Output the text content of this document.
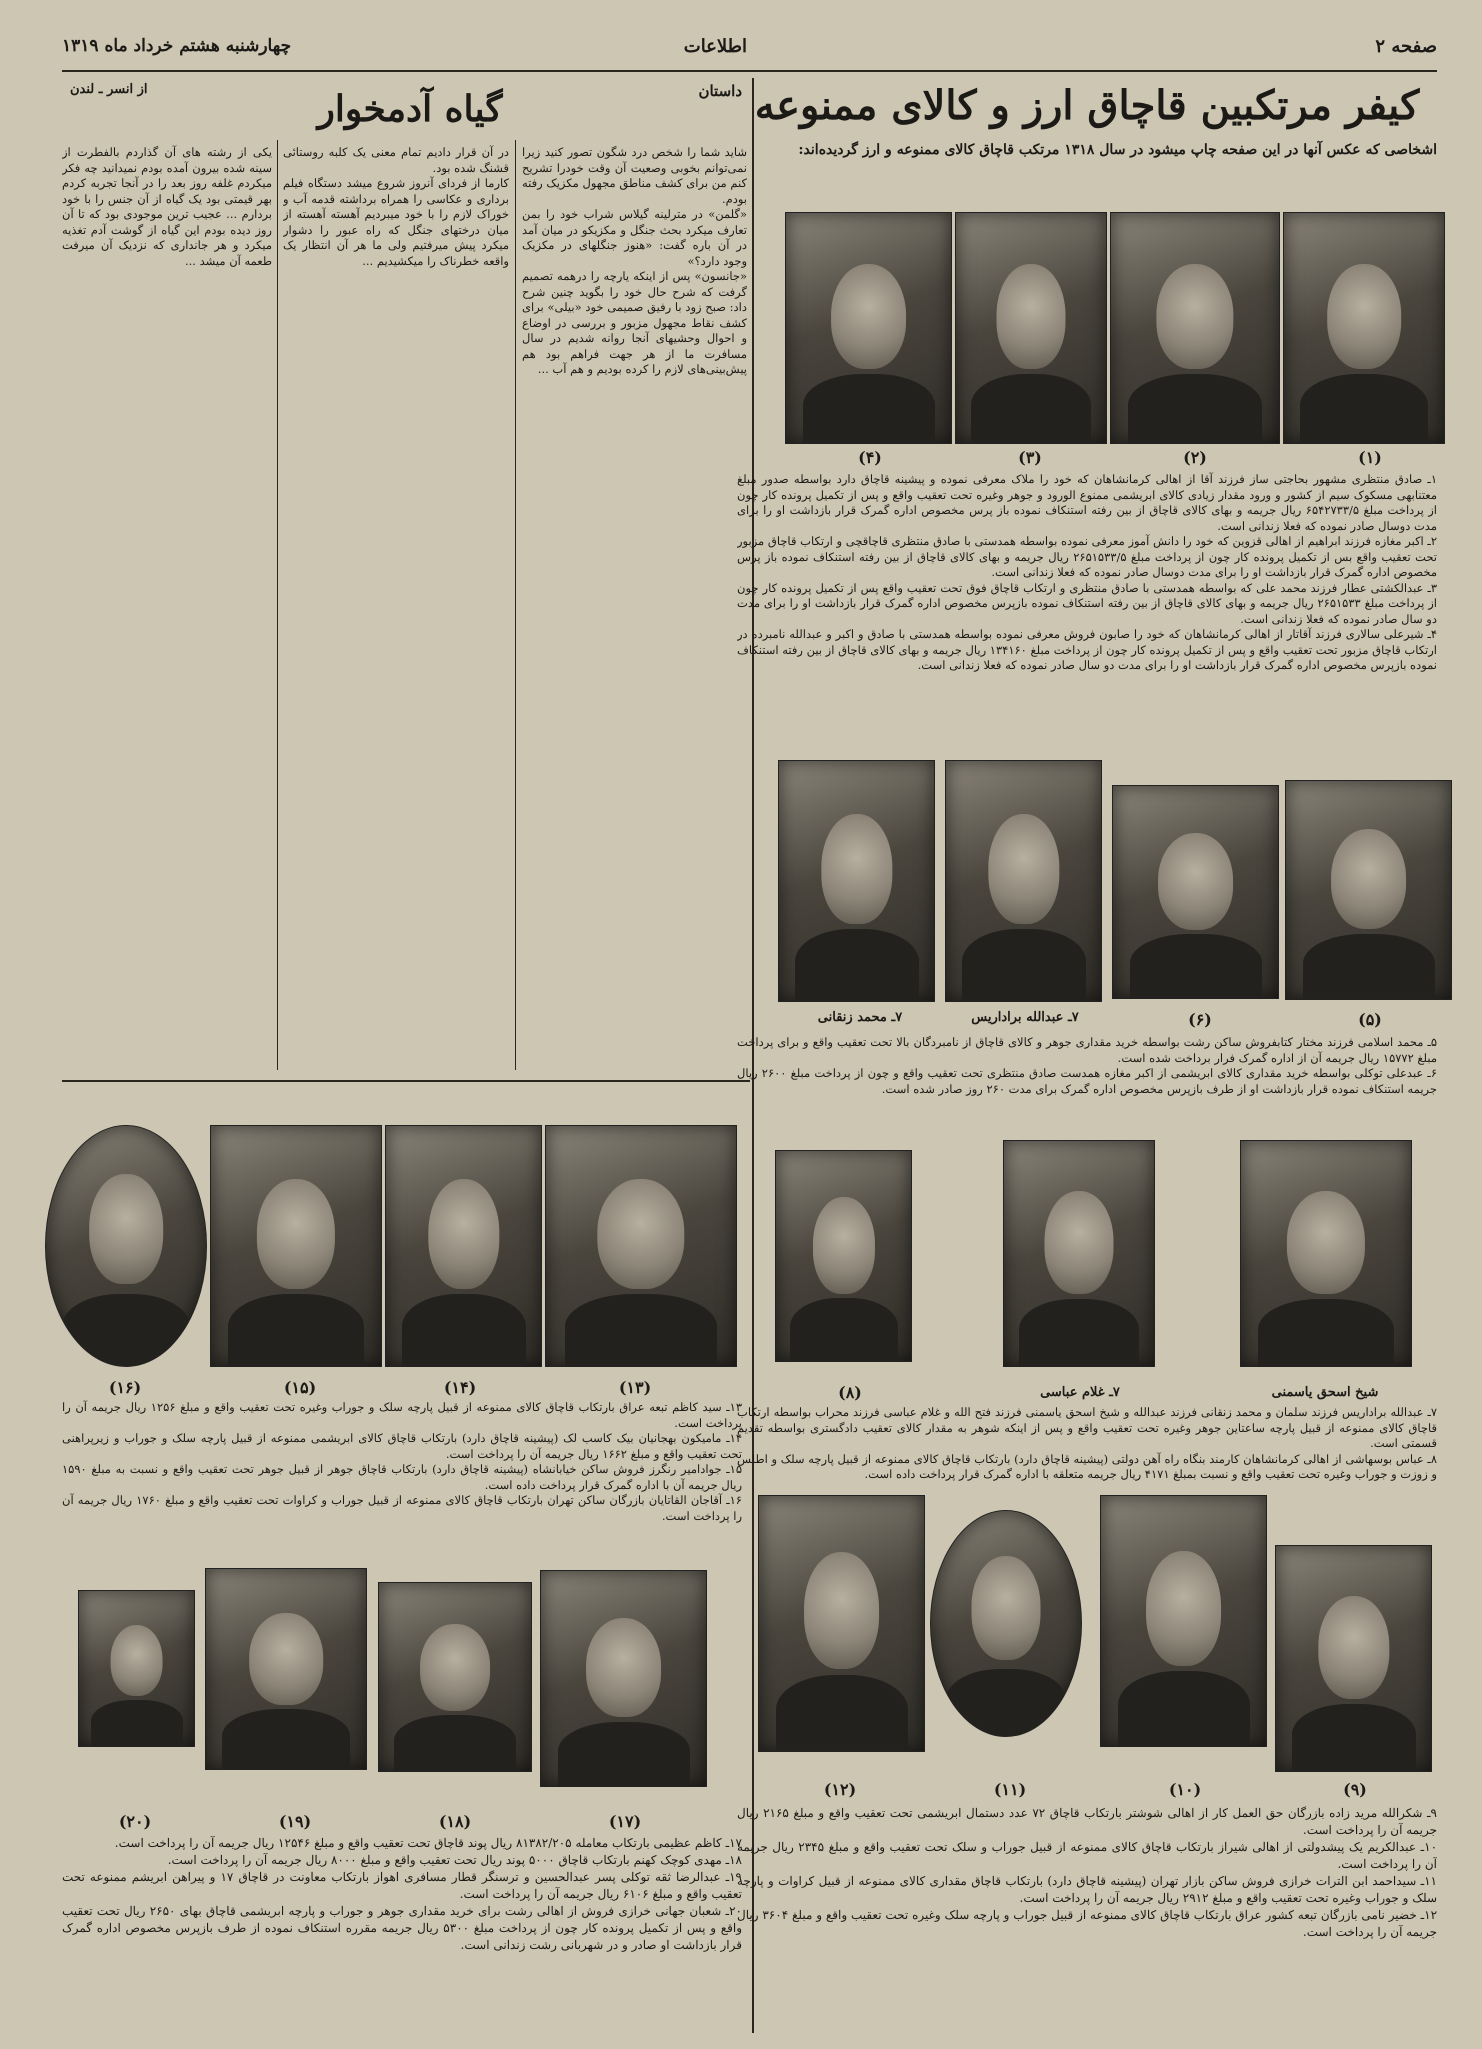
صفحه ۲
اطلاعات
چهارشنبه هشتم خرداد ماه ۱۳۱۹
کیفر مرتکبین قاچاق ارز و کالای ممنوعه
اشخاصی که عکس آنها در این صفحه چاپ میشود در سال ۱۳۱۸ مرتکب قاچاق کالای ممنوعه و ارز گردیده‌اند:
(۴)	(۳)	(۲)	(۱)
۱ـ صادق منتظری مشهور بحاجتی ساز فرزند آقا از اهالی کرمانشاهان که خود را ملاک معرفی نموده و پیشینه قاچاق دارد بواسطه صدور مبلغ معتنابهی مسکوک سیم از کشور و ورود مقدار زیادی کالای ابریشمی ممنوع الورود و جوهر وغیره تحت تعقیب واقع و پس از تکمیل پرونده کار چون از پرداخت مبلغ ۶۵۴۲۷۳۳/۵ ریال جریمه و بهای کالای قاچاق از بین رفته استنکاف نموده باز پرس مخصوص اداره گمرک قرار بازداشت او را برای مدت دوسال صادر نموده که فعلا زندانی است.
۲ـ اکبر مغازه فرزند ابراهیم از اهالی قزوین که خود را دانش آموز معرفی نموده بواسطه همدستی با صادق منتظری قاچاقچی و ارتکاب قاچاق مزبور تحت تعقیب واقع بس از تکمیل پرونده کار چون از پرداخت مبلغ ۲۶۵۱۵۳۳/۵ ریال جریمه و بهای کالای قاچاق از بین رفته استنکاف نموده باز پرس مخصوص اداره گمرک قرار بازداشت او را برای مدت دوسال صادر نموده که فعلا زندانی است.
۳ـ عبدالکشتی عطار فرزند محمد علی که بواسطه همدستی با صادق منتظری و ارتکاب قاچاق فوق تحت تعقیب واقع پس از تکمیل پرونده کار چون از پرداخت مبلغ ۲۶۵۱۵۳۳ ریال جریمه و بهای کالای قاچاق از بین رفته استنکاف نموده بازپرس مخصوص اداره گمرک قرار بازداشت او را برای مدت دو سال صادر نموده که فعلا زندانی است.
۴ـ شیرعلی سالاری فرزند آقاتار از اهالی کرمانشاهان که خود را صابون فروش معرفی نموده بواسطه همدستی با صادق و اکبر و عبدالله نامبرده در ارتکاب قاچاق مزبور تحت تعقیب واقع و پس از تکمیل پرونده کار چون از پرداخت مبلغ ۱۳۴۱۶۰ ریال جریمه و بهای کالای قاچاق از بین رفته استنکاف نموده بازپرس مخصوص اداره گمرک قرار بازداشت او را برای مدت دو سال صادر نموده که فعلا زندانی است.
۷ـ محمد زنقانی	۷ـ عبدالله براداریس	(۶)	(۵)
۵ـ محمد اسلامی فرزند مختار کتابفروش ساکن رشت بواسطه خرید مقداری جوهر و کالای قاچاق از نامبردگان بالا تحت تعقیب واقع و برای پرداخت مبلغ ۱۵۷۷۲ ریال جریمه آن از اداره گمرک فرار برداخت شده است.
۶ـ عبدعلی توکلی بواسطه خرید مقداری کالای ابریشمی از اکبر مغازه همدست صادق منتظری تحت تعقیب واقع و چون از پرداخت مبلغ ۲۶۰۰ ریال جریمه استنکاف نموده قرار بازداشت او از طرف بازپرس مخصوص اداره گمرک برای مدت ۲۶۰ روز صادر شده است.
(۸)	۷ـ غلام عباسی	شیخ اسحق یاسمنی
۷ـ عبدالله براداریس فرزند سلمان و محمد زنقانی فرزند عبدالله و شیخ اسحق یاسمنی فرزند فتح الله و غلام عباسی فرزند محراب بواسطه ارتکاب قاچاق کالای ممنوعه از قبیل پارچه ساعتاین جوهر وغیره تحت تعقیب واقع و پس از اینکه شوهر به مقدار کالای تعقیب دادگستری بواسطه تقدیم قسمتی است.
۸ـ عباس بوسهاشی از اهالی کرمانشاهان کارمند بنگاه راه آهن دولتی (پیشینه قاچاق دارد) بارتکاب قاچاق کالای ممنوعه از قبیل پارچه سلک و اطلس و زوزت و جوراب وغیره تحت تعقیب واقع و نسبت بمبلغ ۴۱۷۱ ریال جریمه متعلقه با اداره گمرک قرار پرداخت داده است.
(۱۲)	(۱۱)	(۱۰)	(۹)
۹ـ شکرالله مرید زاده بازرگان حق العمل کار از اهالی شوشتر بارتکاب قاچاق ۷۲ عدد دستمال ابریشمی تحت تعقیب واقع و مبلغ ۲۱۶۵ ریال جریمه آن را پرداخت است.
۱۰ـ عبدالکریم یک پیشدولتی از اهالی شیراز بارتکاب قاچاق کالای ممنوعه از قبیل جوراب و سلک تحت تعقیب واقع و مبلغ ۲۳۴۵ ریال جریمه آن را پرداخت است.
۱۱ـ سیداحمد ابن الترات خرازی فروش ساکن بازار تهران (پیشینه قاچاق دارد) بارتکاب قاچاق مقداری کالای ممنوعه از قبیل کراوات و پارچه سلک و جوراب وغیره تحت تعقیب واقع و مبلغ ۲۹۱۲ ریال جریمه آن را پرداخت است.
۱۲ـ خضیر نامی بازرگان تبعه کشور عراق بارتکاب قاچاق کالای ممنوعه از قبیل جوراب و پارچه سلک وغیره تحت تعقیب واقع و مبلغ ۳۶۰۴ ریال جریمه آن را پرداخت است.
داستان
از انسر ـ لندن	گیاه آدمخوار
شاید شما را شخص درد شگون تصور کنید زیرا نمی‌توانم بخوبی وصعیت آن وقت خودرا تشریح کنم من برای کشف مناطق مجهول مکزیک رفته بودم.
«گلمن» در مترلینه گیلاس شراب خود را بمن تعارف میکرد بحث جنگل و مکزیکو در میان آمد در آن باره گفت: «هنوز جنگلهای در مکزیک وجود دارد؟»
«جانسون» پس از اینکه یارچه را درهمه تصمیم گرفت که شرح حال خود را بگوید چنین شرح داد: صبح زود با رفیق صمیمی خود «بیلی» برای کشف نقاط مجهول مزبور و بررسی در اوضاع و احوال وحشیهای آنجا روانه شدیم در سال مسافرت ما از هر جهت فراهم بود هم پیش‌بینی‌های لازم را کرده بودیم و هم آب ...
در آن قرار دادیم تمام معنی یک کلبه روستائی قشنگ شده بود.
کارما از فردای آنروز شروع میشد دستگاه فیلم برداری و عکاسی را همراه برداشته قدمه آب و خوراک لازم را با خود میبردیم آهسته آهسته از میان درختهای جنگل که راه عبور را دشوار میکرد پیش میرفتیم ولی ما هر آن انتظار یک واقعه خطرناک را میکشیدیم ...
یکی از رشته های آن گذاردم بالفطرت از سینه شده بیرون آمده بودم نمیدانید چه فکر میکردم غلفه روز بعد را در آنجا تجربه کردم بهر قیمتی بود یک گیاه از آن جنس را با خود بردارم ... عجیب ترین موجودی بود که تا آن روز دیده بودم این گیاه از گوشت آدم تغذیه میکرد و هر جانداری که نزدیک آن میرفت طعمه آن میشد ...
(۱۶)	(۱۵)	(۱۴)	(۱۳)
۱۳ـ سید کاظم تبعه عراق بارتکاب قاچاق کالای ممنوعه از قبیل پارچه سلک و جوراب وغیره تحت تعقیب واقع و مبلغ ۱۲۵۶ ریال جریمه آن را پرداخت است.
۱۴ـ مامیکون بهجانیان بیک کاسب لک (پیشینه قاچاق دارد) بارتکاب قاچاق کالای ابریشمی ممنوعه از قبیل پارچه سلک و جوراب و زیرپراهنی تحت تعقیب واقع و مبلغ ۱۶۶۲ ریال جریمه آن را پرداخت است.
۱۵ـ جوادامیر رنگرز فروش ساکن خیابانشاه (پیشینه قاچاق دارد) بارتکاب قاچاق جوهر از قبیل جوهر تحت تعقیب واقع و نسبت به مبلغ ۱۵۹۰ ریال جریمه آن با اداره گمرک قرار پرداخت داده است.
۱۶ـ آقاجان القاتایان بازرگان ساکن تهران بارتکاب قاچاق کالای ممنوعه از قبیل جوراب و کراوات تحت تعقیب واقع و مبلغ ۱۷۶۰ ریال جریمه آن را پرداخت است.
(۲۰)	(۱۹)	(۱۸)	(۱۷)
۱۷ـ کاظم عظیمی بارتکاب معامله ۸۱۳۸۲/۲۰۵ ریال پوند قاچاق تحت تعقیب واقع و مبلغ ۱۲۵۴۶ ریال جریمه آن را پرداخت است.
۱۸ـ مهدی کوچک کهنم بارتکاب قاچاق ۵۰۰۰ پوند ریال تحت تعقیب واقع و مبلغ ۸۰۰۰ ریال جریمه آن را پرداخت است.
۱۹ـ عبدالرضا ثقه توکلی پسر عبدالحسین و ترسنگر قطار مسافری اهواز بارتکاب معاونت در قاچاق ۱۷ و پیراهن ابریشم ممنوعه تحت تعقیب واقع و مبلغ ۶۱۰۶ ریال جریمه آن را پرداخت است.
۲۰ـ شعبان جهانی خرازی فروش از اهالی رشت برای خرید مقداری جوهر و جوراب و پارچه ابریشمی قاچاق بهای ۲۶۵۰ ریال تحت تعقیب واقع و پس از تکمیل پرونده کار چون از پرداخت مبلغ ۵۳۰۰ ریال جریمه مقرره استنکاف نموده از طرف بازپرس مخصوص اداره گمرک قرار بازداشت او صادر و در شهربانی رشت زندانی است.
